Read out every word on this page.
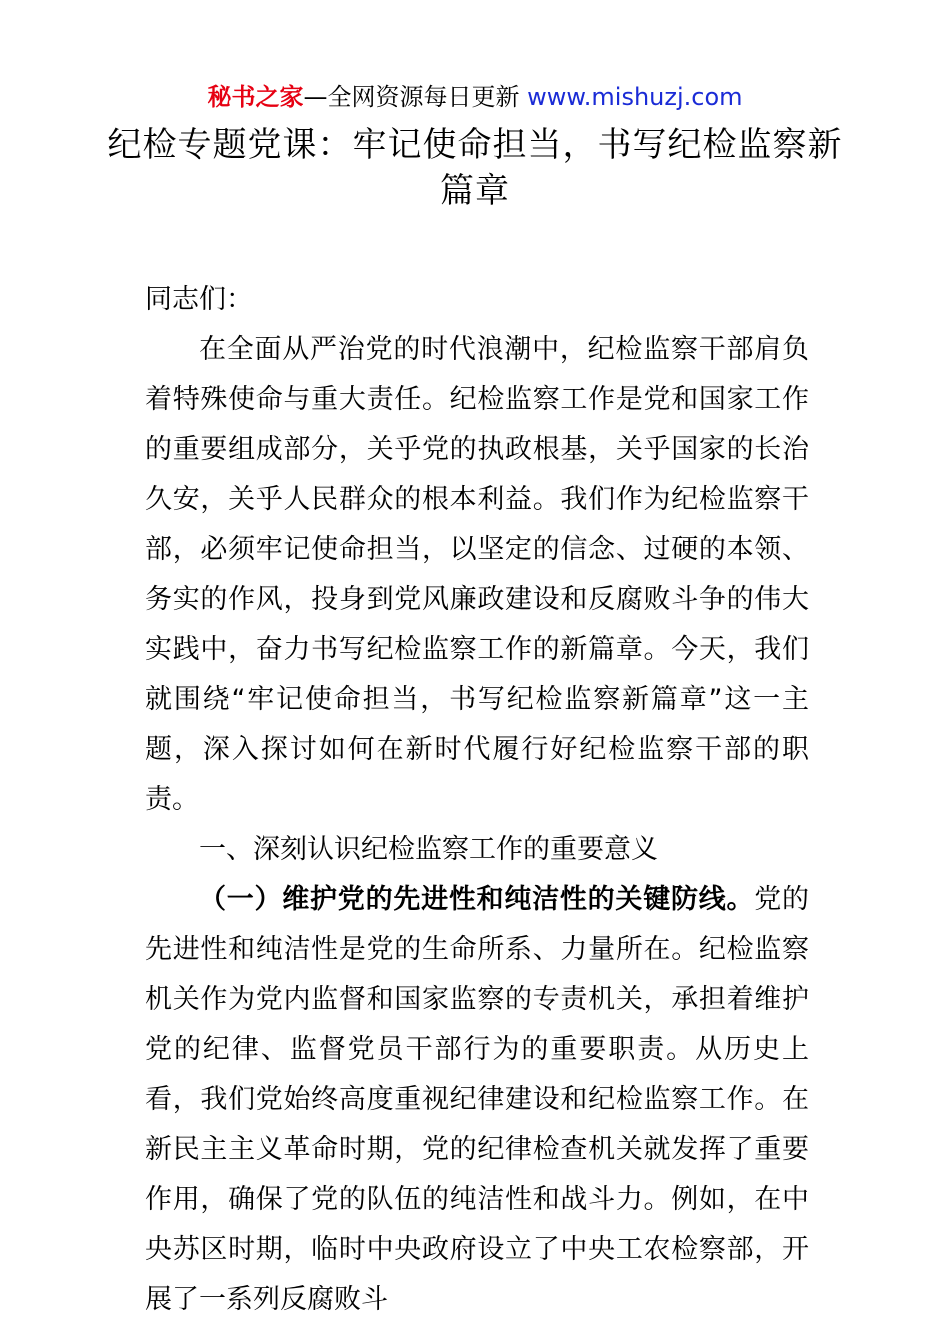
秘书之家—全网资源每日更新 www.mishuzj.com
纪检专题党课：牢记使命担当，书写纪检监察新篇章

同志们：

在全面从严治党的时代浪潮中，纪检监察干部肩负着特殊使命与重大责任。纪检监察工作是党和国家工作的重要组成部分，关乎党的执政根基，关乎国家的长治久安，关乎人民群众的根本利益。我们作为纪检监察干部，必须牢记使命担当，以坚定的信念、过硬的本领、务实的作风，投身到党风廉政建设和反腐败斗争的伟大实践中，奋力书写纪检监察工作的新篇章。今天，我们就围绕“牢记使命担当，书写纪检监察新篇章”这一主题，深入探讨如何在新时代履行好纪检监察干部的职责。

一、深刻认识纪检监察工作的重要意义

（一）维护党的先进性和纯洁性的关键防线。党的先进性和纯洁性是党的生命所系、力量所在。纪检监察机关作为党内监督和国家监察的专责机关，承担着维护党的纪律、监督党员干部行为的重要职责。从历史上看，我们党始终高度重视纪律建设和纪检监察工作。在新民主主义革命时期，党的纪律检查机关就发挥了重要作用，确保了党的队伍的纯洁性和战斗力。例如，在中央苏区时期，临时中央政府设立了中央工农检察部，开展了一系列反腐败斗
